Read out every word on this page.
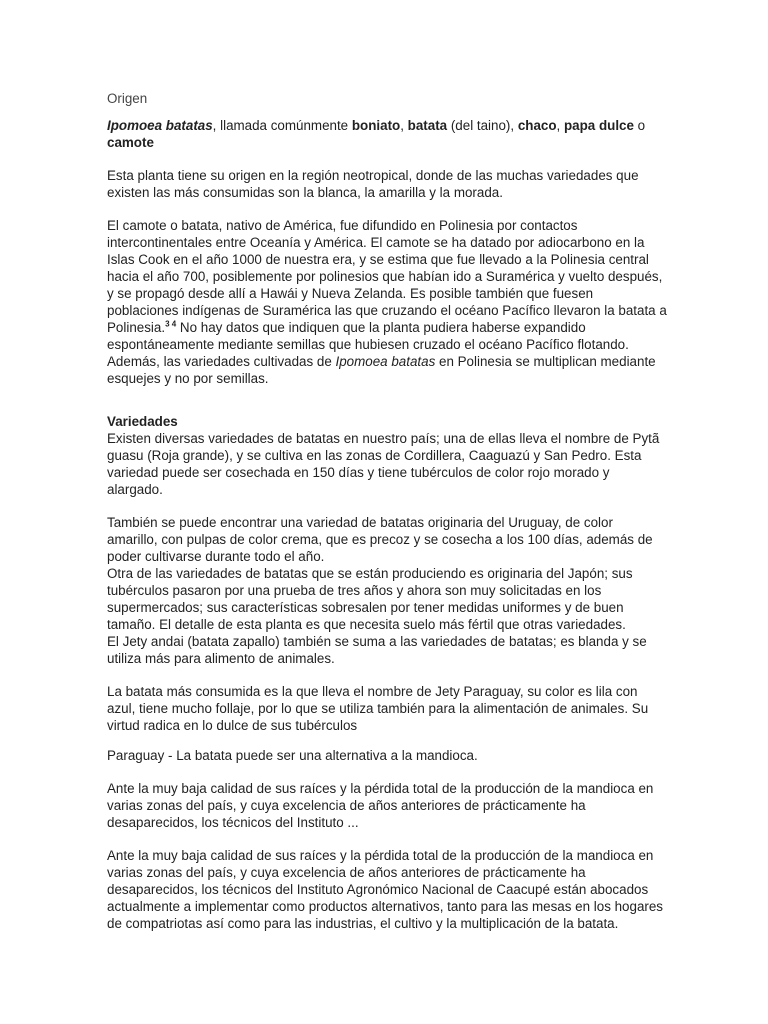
Origen

Ipomoea batatas, llamada comúnmente boniato, batata (del taino), chaco, papa dulce o camote

Esta planta tiene su origen en la región neotropical, donde de las muchas variedades que existen las más consumidas son la blanca, la amarilla y la morada.

El camote o batata, nativo de América, fue difundido en Polinesia por contactos intercontinentales entre Oceanía y América. El camote se ha datado por adiocarbono en la Islas Cook en el año 1000 de nuestra era, y se estima que fue llevado a la Polinesia central hacia el año 700, posiblemente por polinesios que habían ido a Suramérica y vuelto después, y se propagó desde allí a Hawái y Nueva Zelanda. Es posible también que fuesen poblaciones indígenas de Suramérica las que cruzando el océano Pacífico llevaron la batata a Polinesia.$^{3 4}$ No hay datos que indiquen que la planta pudiera haberse expandido espontáneamente mediante semillas que hubiesen cruzado el océano Pacífico flotando. Además, las variedades cultivadas de Ipomoea batatas en Polinesia se multiplican mediante esquejes y no por semillas.

Variedades

Existen diversas variedades de batatas en nuestro país; una de ellas lleva el nombre de Pytã guasu (Roja grande), y se cultiva en las zonas de Cordillera, Caaguazú y San Pedro. Esta variedad puede ser cosechada en 150 días y tiene tubérculos de color rojo morado y alargado.

También se puede encontrar una variedad de batatas originaria del Uruguay, de color amarillo, con pulpas de color crema, que es precoz y se cosecha a los 100 días, además de poder cultivarse durante todo el año.

Otra de las variedades de batatas que se están produciendo es originaria del Japón; sus tubérculos pasaron por una prueba de tres años y ahora son muy solicitadas en los supermercados; sus características sobresalen por tener medidas uniformes y de buen tamaño. El detalle de esta planta es que necesita suelo más fértil que otras variedades.

El Jety andai (batata zapallo) también se suma a las variedades de batatas; es blanda y se utiliza más para alimento de animales.

La batata más consumida es la que lleva el nombre de Jety Paraguay, su color es lila con azul, tiene mucho follaje, por lo que se utiliza también para la alimentación de animales. Su virtud radica en lo dulce de sus tubérculos

Paraguay - La batata puede ser una alternativa a la mandioca.

Ante la muy baja calidad de sus raíces y la pérdida total de la producción de la mandioca en varias zonas del país, y cuya excelencia de años anteriores de prácticamente ha desaparecidos, los técnicos del Instituto ...

Ante la muy baja calidad de sus raíces y la pérdida total de la producción de la mandioca en varias zonas del país, y cuya excelencia de años anteriores de prácticamente ha desaparecidos, los técnicos del Instituto Agronómico Nacional de Caacupé están abocados actualmente a implementar como productos alternativos, tanto para las mesas en los hogares de compatriotas así como para las industrias, el cultivo y la multiplicación de la batata.
